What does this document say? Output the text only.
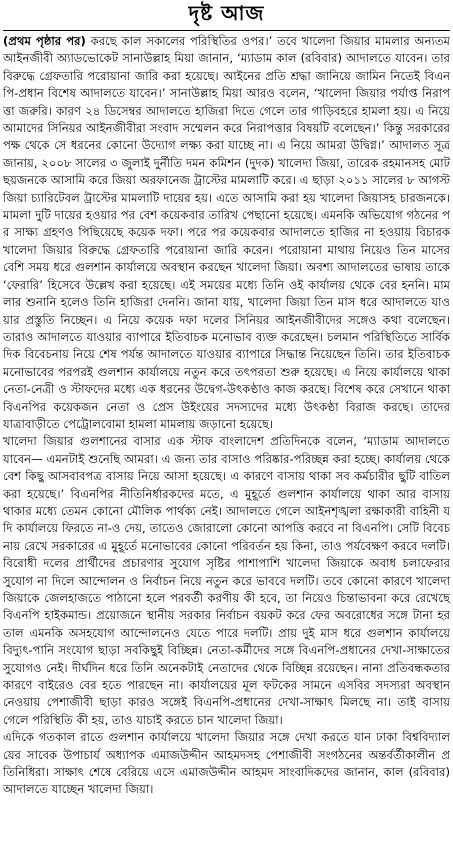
দৃষ্ট আজ

(প্রথম পৃষ্ঠার পর) করছে কাল সকালের পরিস্থিতির ওপর।’ তবে খালেদা জিয়ার মামলার অন্যতম আইনজীবী অ্যাডভোকেট সানাউল্লাহ মিয়া জানান, ‘ম্যাডাম কাল (রবিবার) আদালতে যাবেন। তার বিরুদ্ধে গ্রেফতারি পরোয়ানা জারি করা হয়েছে। আইনের প্রতি শ্রদ্ধা জানিয়ে জামিন নিতেই বিএনপি-প্রধান বিশেষ আদালতে যাবেন।’ সানাউল্লাহ মিয়া আরও বলেন, ‘খালেদা জিয়ার পর্যাপ্ত নিরাপত্তা জরুরি। কারণ ২৪ ডিসেম্বর আদালতে হাজিরা দিতে গেলে তার গাড়িবহরে হামলা হয়। এ নিয়ে আমাদের সিনিয়র আইনজীবীরা সংবাদ সম্মেলন করে নিরাপত্তার বিষয়টি বলেছেন।’ কিন্তু সরকারের পক্ষ থেকে সে ধরনের কোনো উদ্যোগ লক্ষ্য করা যাচ্ছে না। এ নিয়ে আমরা উদ্বিগ্ন।’ আদালত সূত্র জানায়, ২০০৮ সালের ৩ জুলাই দুর্নীতি দমন কমিশন (দুদক) খালেদা জিয়া, তারেক রহমানসহ মোট ছয়জনকে আসামি করে জিয়া অরফানেজ ট্রাস্টের মামলাটি করে। এ ছাড়া ২০১১ সালের ৮ আগস্ট জিয়া চ্যারিটেবল ট্রাস্টের মামলাটি দায়ের হয়। এতে আসামি করা হয় খালেদা জিয়াসহ চারজনকে। মামলা দুটি দায়ের হওয়ার পর বেশ কয়েকবার তারিখ পেছানো হয়েছে। এমনকি অভিযোগ গঠনের পর সাক্ষ্য গ্রহণও পিছিয়েছে কয়েক দফা। পরে পর কয়েকবার আদালতে হাজির না হওয়ায় বিচারক খালেদা জিয়ার বিরুদ্ধে গ্রেফতারি পরোয়ানা জারি করেন। পরোয়ানা মাথায় নিয়েও তিন মাসের বেশি সময় ধরে গুলশান কার্যালয়ে অবস্থান করছেন খালেদা জিয়া। অবশ্য আদালতের ভাষায় তাকে ‘ফেরারি’ হিসেবে উল্লেখ করা হয়েছে। এই সময়ের মধ্যে তিনি ওই কার্যালয় থেকে বের হননি। মামলার শুনানি হলেও তিনি হাজিরা দেননি। জানা যায়, খালেদা জিয়া তিন মাস ধরে আদালতে যাওয়ার প্রস্তুতি নিচ্ছেন। এ নিয়ে কয়েক দফা দলের সিনিয়র আইনজীবীদের সঙ্গেও কথা বলেছেন। তারাও আদালতে যাওয়ার ব্যাপারে ইতিবাচক মনোভাব ব্যক্ত করেছেন। চলমান পরিস্থিতিতে সার্বিক দিক বিবেচনায় নিয়ে শেষ পর্যন্ত আদালতে যাওয়ার ব্যাপারে সিদ্ধান্ত নিয়েছেন তিনি। তার ইতিবাচক মনোভাবের পরপরই গুলশান কার্যালয়ে নতুন করে তৎপরতা শুরু হয়েছে। এ নিয়ে কার্যালয়ে থাকা নেতা-নেত্রী ও স্টাফদের মধ্যে এক ধরনের উদ্বেগ-উৎকণ্ঠাও কাজ করছে। বিশেষ করে সেখানে থাকা বিএনপির কয়েকজন নেতা ও প্রেস উইংয়ের সদস্যদের মধ্যে উৎকণ্ঠা বিরাজ করছে। তাদের যাত্রাবাড়ীতে পেট্রোলবোমা হামলা মামলায় জড়ানো হয়েছে।

খালেদা জিয়ার গুলশানের বাসার এক স্টাফ বাংলাদেশ প্রতিদিনকে বলেন, ‘ম্যাডাম আদালতে যাবেন— এমনটাই শুনেছি আমরা। এ জন্য তার বাসাও পরিষ্কার-পরিচ্ছন্ন করা হচ্ছে। কার্যালয় থেকে বেশ কিছু আসবাবপত্র বাসায় নিয়ে আসা হয়েছে। এ কারণে বাসায় থাকা সব কর্মচারীর ছুটি বাতিল করা হয়েছে।’ বিএনপির নীতিনির্ধারকদের মতে, এ মুহূর্তে গুলশান কার্যালয়ে থাকা আর বাসায় থাকার মধ্যে তেমন কোনো মৌলিক পার্থক্য নেই। আদালতে গেলে আইনশৃঙ্খলা রক্ষাকারী বাহিনী যদি কার্যালয়ে ফিরতে না-ও দেয়, তাতেও জোরালো কোনো আপত্তি করবে না বিএনপি। সেটি বিবেচনায় রেখে সরকারের এ মুহূর্তে মনোভাবের কোনো পরিবর্তন হয় কিনা, তাও পর্যবেক্ষণ করবে দলটি। বিরোধী দলের প্রার্থীদের প্রচারণার সুযোগ সৃষ্টির পাশাপাশি খালেদা জিয়াকে অবাধ চলাফেরার সুযোগ না দিলে আন্দোলন ও নির্বাচন নিয়ে নতুন করে ভাববে দলটি। তবে কোনো কারণে খালেদা জিয়াকে জেলহাজতে পাঠানো হলে পরবর্তী করণীয় কী হবে, তা নিয়েও চিন্তাভাবনা করে রেখেছে বিএনপি হাইকমান্ড। প্রয়োজনে স্থানীয় সরকার নির্বাচন বয়কট করে ফের অবরোধের সঙ্গে টানা হরতাল এমনকি অসহযোগ আন্দোলনেও যেতে পারে দলটি। প্রায় দুই মাস ধরে গুলশান কার্যালয়ে বিদ্যুৎ-পানি সংযোগ ছাড়া সবকিছুই বিচ্ছিন্ন। নেতা-কর্মীদের সঙ্গে বিএনপি-প্রধানের দেখা-সাক্ষাতের সুযোগও নেই। দীর্ঘদিন ধরে তিনি অনেকটাই নেতাদের থেকে বিচ্ছিন্ন রয়েছেন। নানা প্রতিবন্ধকতার কারণে বাইরেও বের হতে পারছেন না। কার্যালয়ের মূল ফটকের সামনে এসবির সদস্যরা অবস্থান নেওয়ায় পেশাজীবী ছাড়া কারও সঙ্গেই বিএনপি-প্রধানের দেখা-সাক্ষাৎ মিলছে না। তাই বাসায় গেলে পরিস্থিতি কী হয়, তাও যাচাই করতে চান খালেদা জিয়া।

এদিকে গতকাল রাতে গুলশান কার্যালয়ে খালেদা জিয়ার সঙ্গে দেখা করতে যান ঢাকা বিশ্ববিদ্যালয়ের সাবেক উপাচার্য অধ্যাপক এমাজউদ্দীন আহমদসহ পেশাজীবী সংগঠনের অন্তর্বর্তীকালীন প্রতিনিধিরা। সাক্ষাৎ শেষে বেরিয়ে এসে এমাজউদ্দীন আহমদ সাংবাদিকদের জানান, কাল (রবিবার) আদালতে যাচ্ছেন খালেদা জিয়া।
